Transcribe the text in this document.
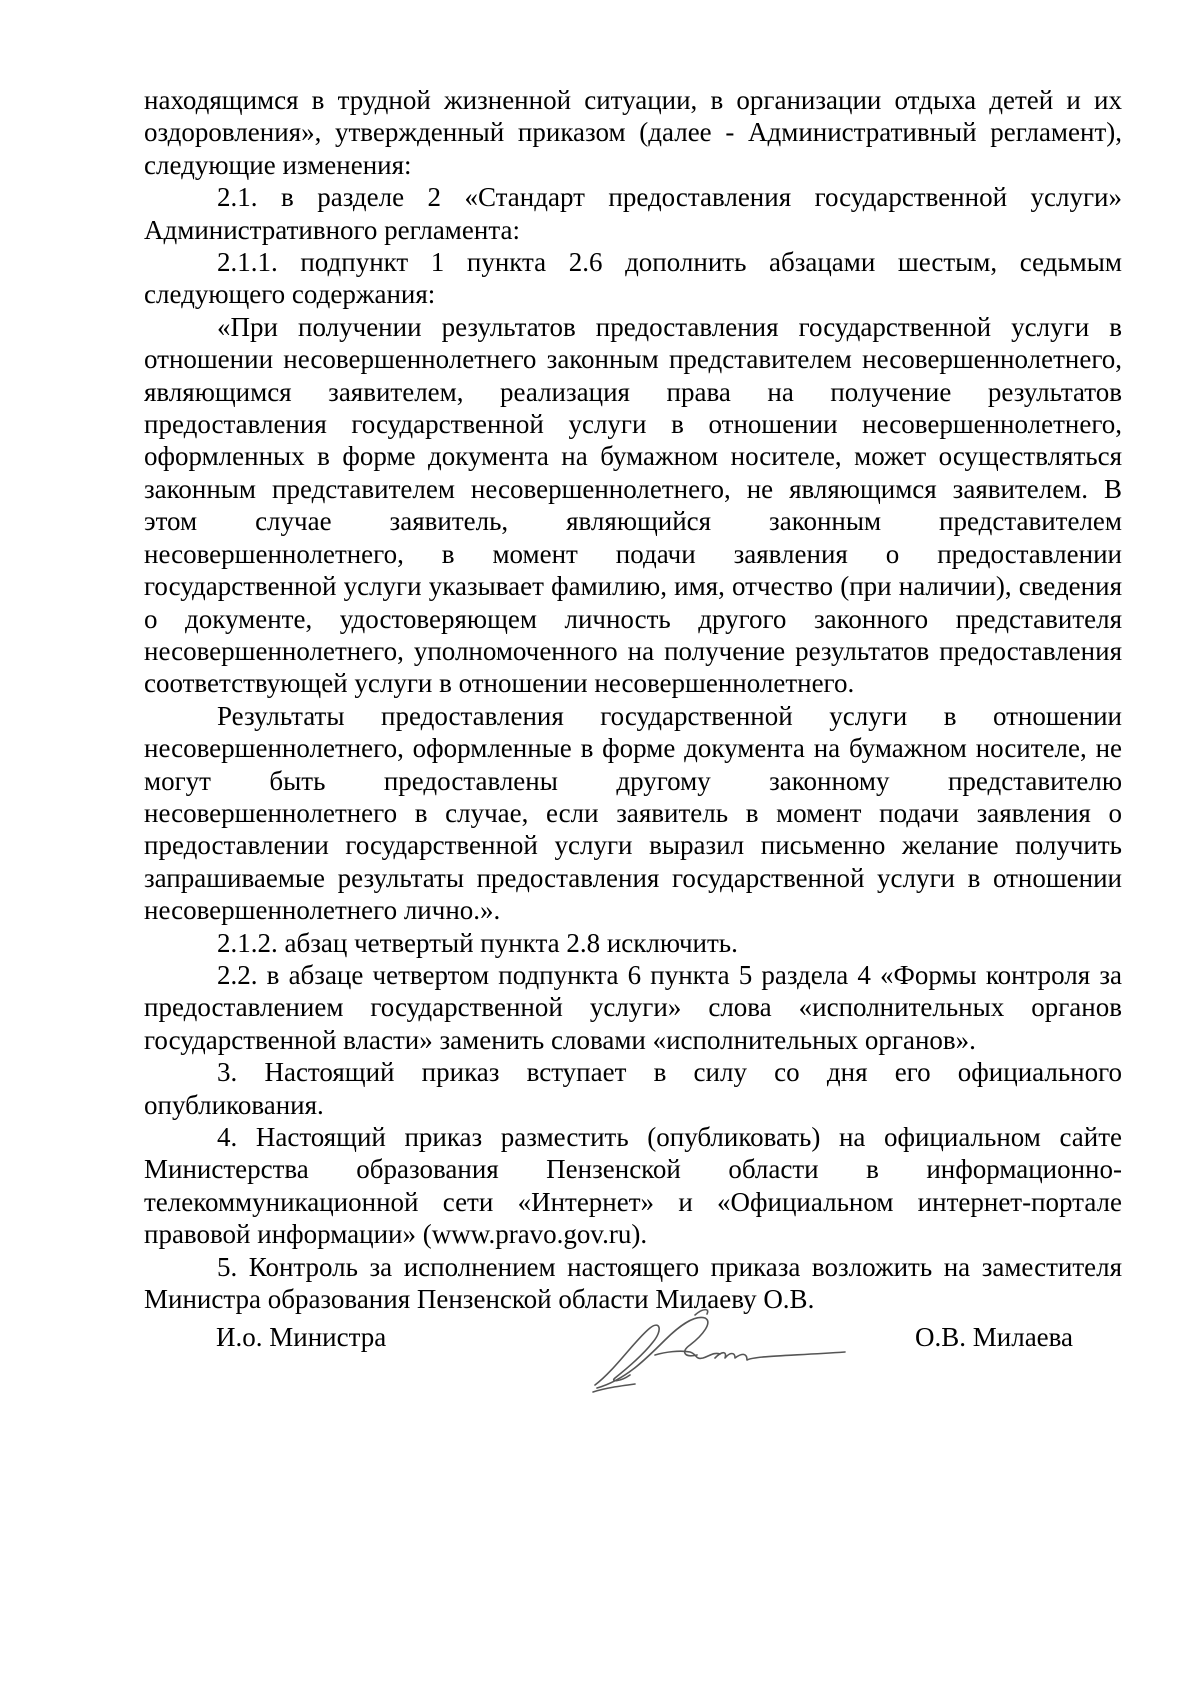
находящимся в трудной жизненной ситуации, в организации отдыха детей и их оздоровления», утвержденный приказом (далее - Административный регламент), следующие изменения:

2.1. в разделе 2 «Стандарт предоставления государственной услуги» Административного регламента:

2.1.1. подпункт 1 пункта 2.6 дополнить абзацами шестым, седьмым следующего содержания:

«При получении результатов предоставления государственной услуги в отношении несовершеннолетнего законным представителем несовершеннолетнего, являющимся заявителем, реализация права на получение результатов предоставления государственной услуги в отношении несовершеннолетнего, оформленных в форме документа на бумажном носителе, может осуществляться законным представителем несовершеннолетнего, не являющимся заявителем. В этом случае заявитель, являющийся законным представителем несовершеннолетнего, в момент подачи заявления о предоставлении государственной услуги указывает фамилию, имя, отчество (при наличии), сведения о документе, удостоверяющем личность другого законного представителя несовершеннолетнего, уполномоченного на получение результатов предоставления соответствующей услуги в отношении несовершеннолетнего.

Результаты предоставления государственной услуги в отношении несовершеннолетнего, оформленные в форме документа на бумажном носителе, не могут быть предоставлены другому законному представителю несовершеннолетнего в случае, если заявитель в момент подачи заявления о предоставлении государственной услуги выразил письменно желание получить запрашиваемые результаты предоставления государственной услуги в отношении несовершеннолетнего лично.».

2.1.2. абзац четвертый пункта 2.8 исключить.

2.2. в абзаце четвертом подпункта 6 пункта 5 раздела 4 «Формы контроля за предоставлением государственной услуги» слова «исполнительных органов государственной власти» заменить словами «исполнительных органов».

3. Настоящий приказ вступает в силу со дня его официального опубликования.

4. Настоящий приказ разместить (опубликовать) на официальном сайте Министерства образования Пензенской области в информационно-телекоммуникационной сети «Интернет» и «Официальном интернет-портале правовой информации» (www.pravo.gov.ru).

5. Контроль за исполнением настоящего приказа возложить на заместителя Министра образования Пензенской области Милаеву О.В.

И.о. Министра	О.В. Милаева
